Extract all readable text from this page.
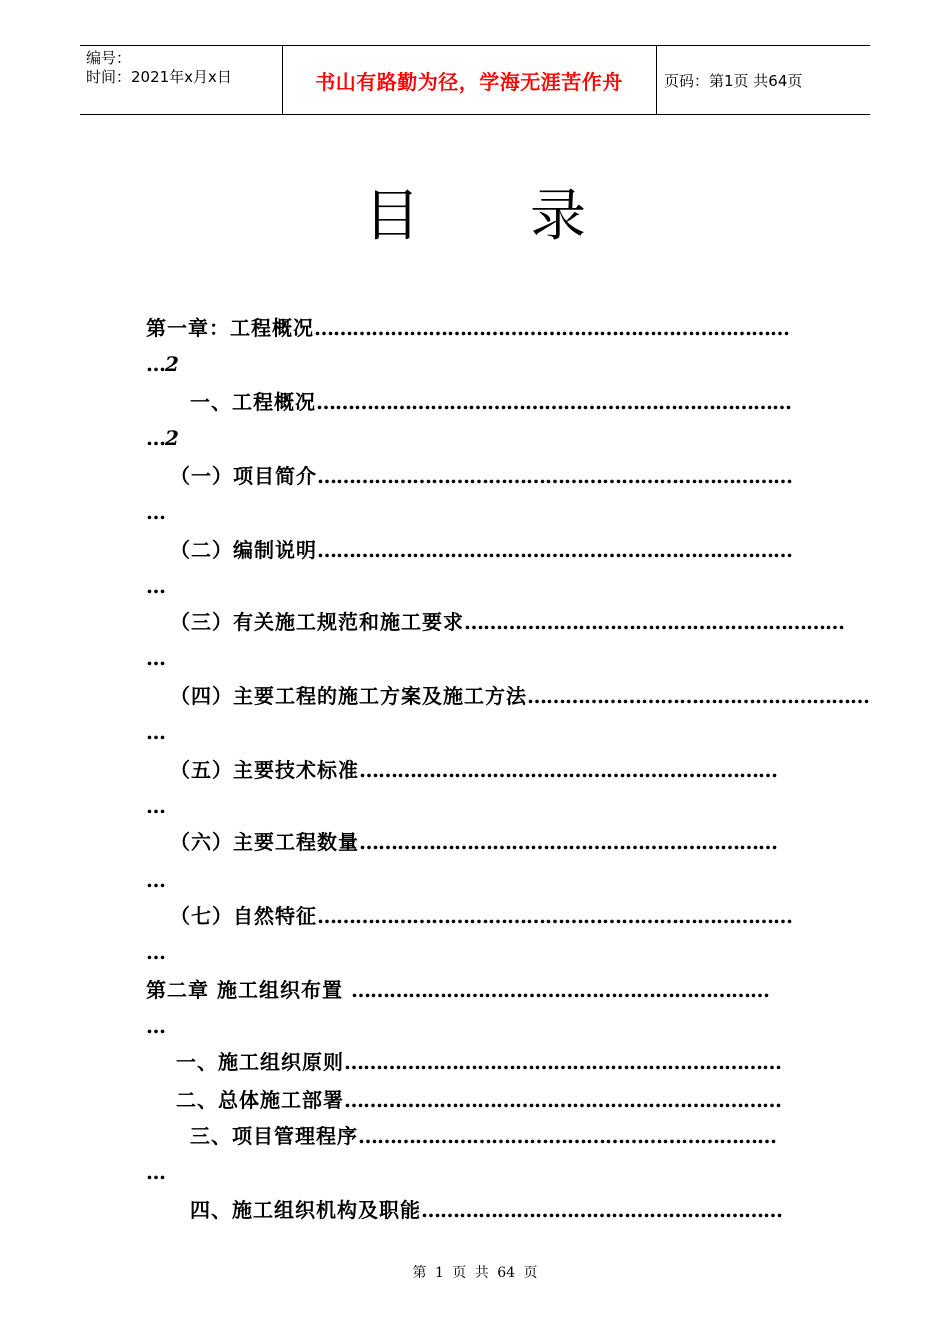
编号：
时间：2021年x月x日	书山有路勤为径，学海无涯苦作舟	页码：第1页 共64页
目录
第一章：工程概况…………………………………………………………………
…2
一、工程概况…………………………………………………………………
…2
（一）项目简介…………………………………………………………………
…
（二）编制说明…………………………………………………………………
…
（三）有关施工规范和施工要求……………………………………………………
…
（四）主要工程的施工方案及施工方法………………………………………………
…
（五）主要技术标准…………………………………………………………
…
（六）主要工程数量…………………………………………………………
…
（七）自然特征…………………………………………………………………
…
第二章 施工组织布置 …………………………………………………………
…
一、施工组织原则……………………………………………………………
二、总体施工部署……………………………………………………………
三、项目管理程序…………………………………………………………
…
四、施工组织机构及职能…………………………………………………
第 1 页 共 64 页
